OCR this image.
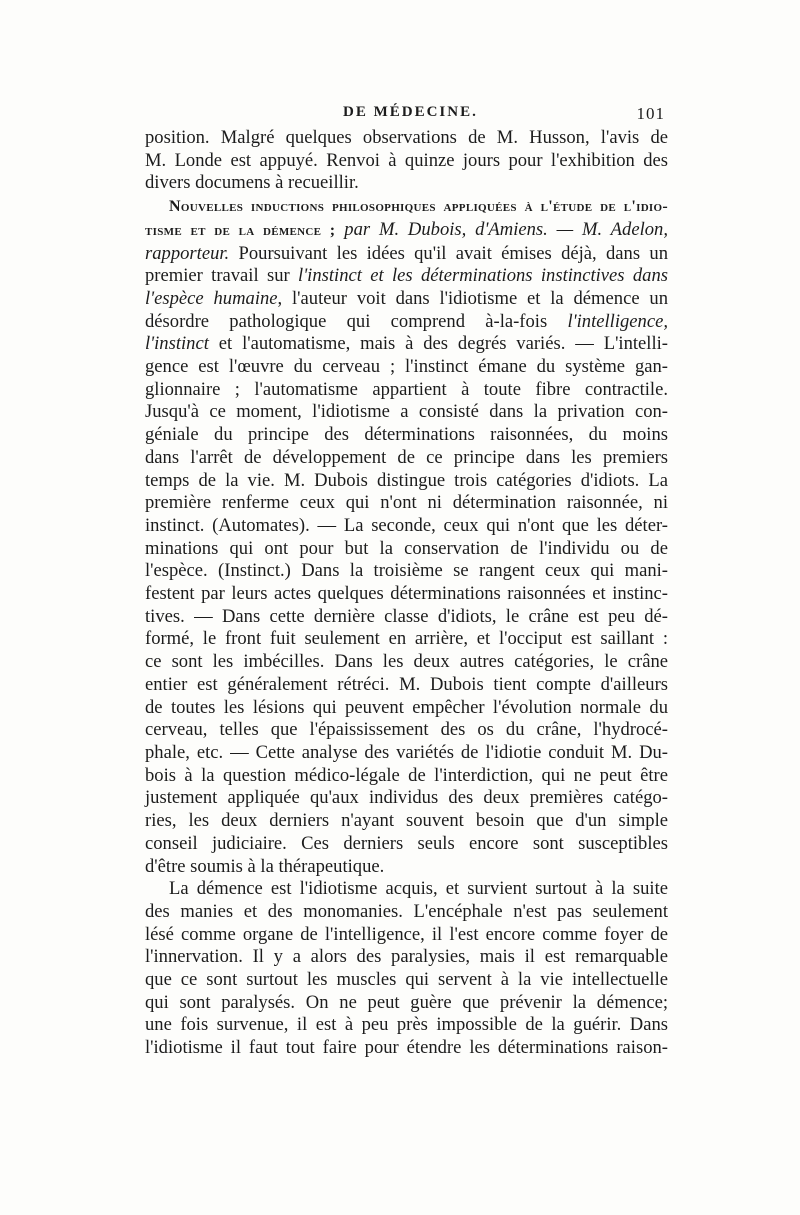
DE MÉDECINE.	101
position. Malgré quelques observations de M. Husson, l'avis de
M. Londe est appuyé. Renvoi à quinze jours pour l'exhibition des
divers documens à recueillir.
Nouvelles inductions philosophiques appliquées à l'étude de l'idio-
tisme et de la démence ; par M. Dubois, d'Amiens. — M. Adelon,
rapporteur. Poursuivant les idées qu'il avait émises déjà, dans un
premier travail sur l'instinct et les déterminations instinctives dans
l'espèce humaine, l'auteur voit dans l'idiotisme et la démence un
désordre pathologique qui comprend à-la-fois l'intelligence,
l'instinct et l'automatisme, mais à des degrés variés. — L'intelli-
gence est l'œuvre du cerveau ; l'instinct émane du système gan-
glionnaire ; l'automatisme appartient à toute fibre contractile.
Jusqu'à ce moment, l'idiotisme a consisté dans la privation con-
géniale du principe des déterminations raisonnées, du moins
dans l'arrêt de développement de ce principe dans les premiers
temps de la vie. M. Dubois distingue trois catégories d'idiots. La
première renferme ceux qui n'ont ni détermination raisonnée, ni
instinct. (Automates). — La seconde, ceux qui n'ont que les déter-
minations qui ont pour but la conservation de l'individu ou de
l'espèce. (Instinct.) Dans la troisième se rangent ceux qui mani-
festent par leurs actes quelques déterminations raisonnées et instinc-
tives. — Dans cette dernière classe d'idiots, le crâne est peu dé-
formé, le front fuit seulement en arrière, et l'occiput est saillant :
ce sont les imbécilles. Dans les deux autres catégories, le crâne
entier est généralement rétréci. M. Dubois tient compte d'ailleurs
de toutes les lésions qui peuvent empêcher l'évolution normale du
cerveau, telles que l'épaississement des os du crâne, l'hydrocé-
phale, etc. — Cette analyse des variétés de l'idiotie conduit M. Du-
bois à la question médico-légale de l'interdiction, qui ne peut être
justement appliquée qu'aux individus des deux premières catégo-
ries, les deux derniers n'ayant souvent besoin que d'un simple
conseil judiciaire. Ces derniers seuls encore sont susceptibles
d'être soumis à la thérapeutique.
La démence est l'idiotisme acquis, et survient surtout à la suite
des manies et des monomanies. L'encéphale n'est pas seulement
lésé comme organe de l'intelligence, il l'est encore comme foyer de
l'innervation. Il y a alors des paralysies, mais il est remarquable
que ce sont surtout les muscles qui servent à la vie intellectuelle
qui sont paralysés. On ne peut guère que prévenir la démence;
une fois survenue, il est à peu près impossible de la guérir. Dans
l'idiotisme il faut tout faire pour étendre les déterminations raison-
